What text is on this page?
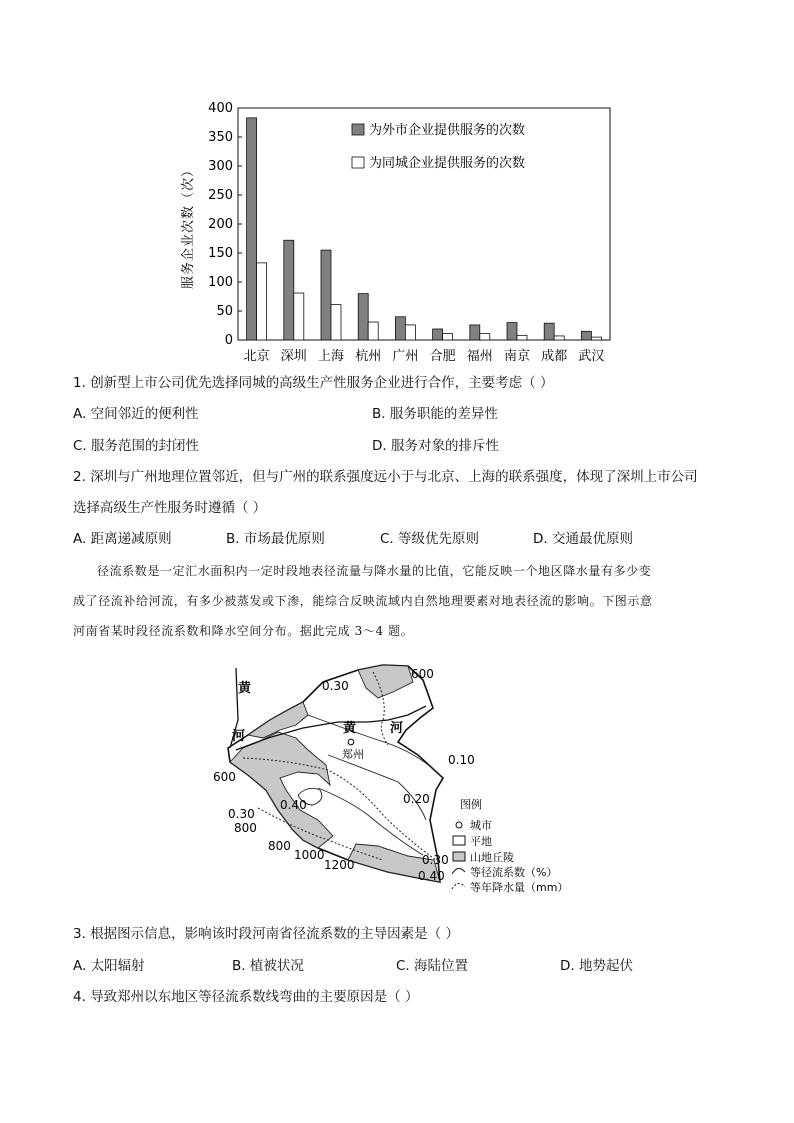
服务企业次数（次）
0
50
100
150
200
250
300
350
400
北京 深圳 上海 杭州 广州 合肥 福州 南京 成都 武汉
为外市企业提供服务的次数
为同城企业提供服务的次数
1. 创新型上市公司优先选择同城的高级生产性服务企业进行合作，主要考虑（ ）
A. 空间邻近的便利性	B. 服务职能的差异性
C. 服务范围的封闭性	D. 服务对象的排斥性
2. 深圳与广州地理位置邻近，但与广州的联系强度远小于与北京、上海的联系强度，体现了深圳上市公司
选择高级生产性服务时遵循（ ）
A. 距离递减原则	B. 市场最优原则	C. 等级优先原则	D. 交通最优原则

径流系数是一定汇水面积内一定时段地表径流量与降水量的比值，它能反映一个地区降水量有多少变

成了径流补给河流，有多少被蒸发或下渗，能综合反映流域内自然地理要素对地表径流的影响。下图示意
河南省某时段径流系数和降水空间分布。据此完成 3～4 题。
黄
河
黄	河
郑州
0.30
0.10
0.20
0.40
0.30
0.30
0.40
600
600
800
800
1000
1200
图例
城市
平地
山地丘陵
等径流系数（%）
等年降水量（mm）
3. 根据图示信息，影响该时段河南省径流系数的主导因素是（ ）
A. 太阳辐射	B. 植被状况	C. 海陆位置	D. 地势起伏
4. 导致郑州以东地区等径流系数线弯曲的主要原因是（ ）
